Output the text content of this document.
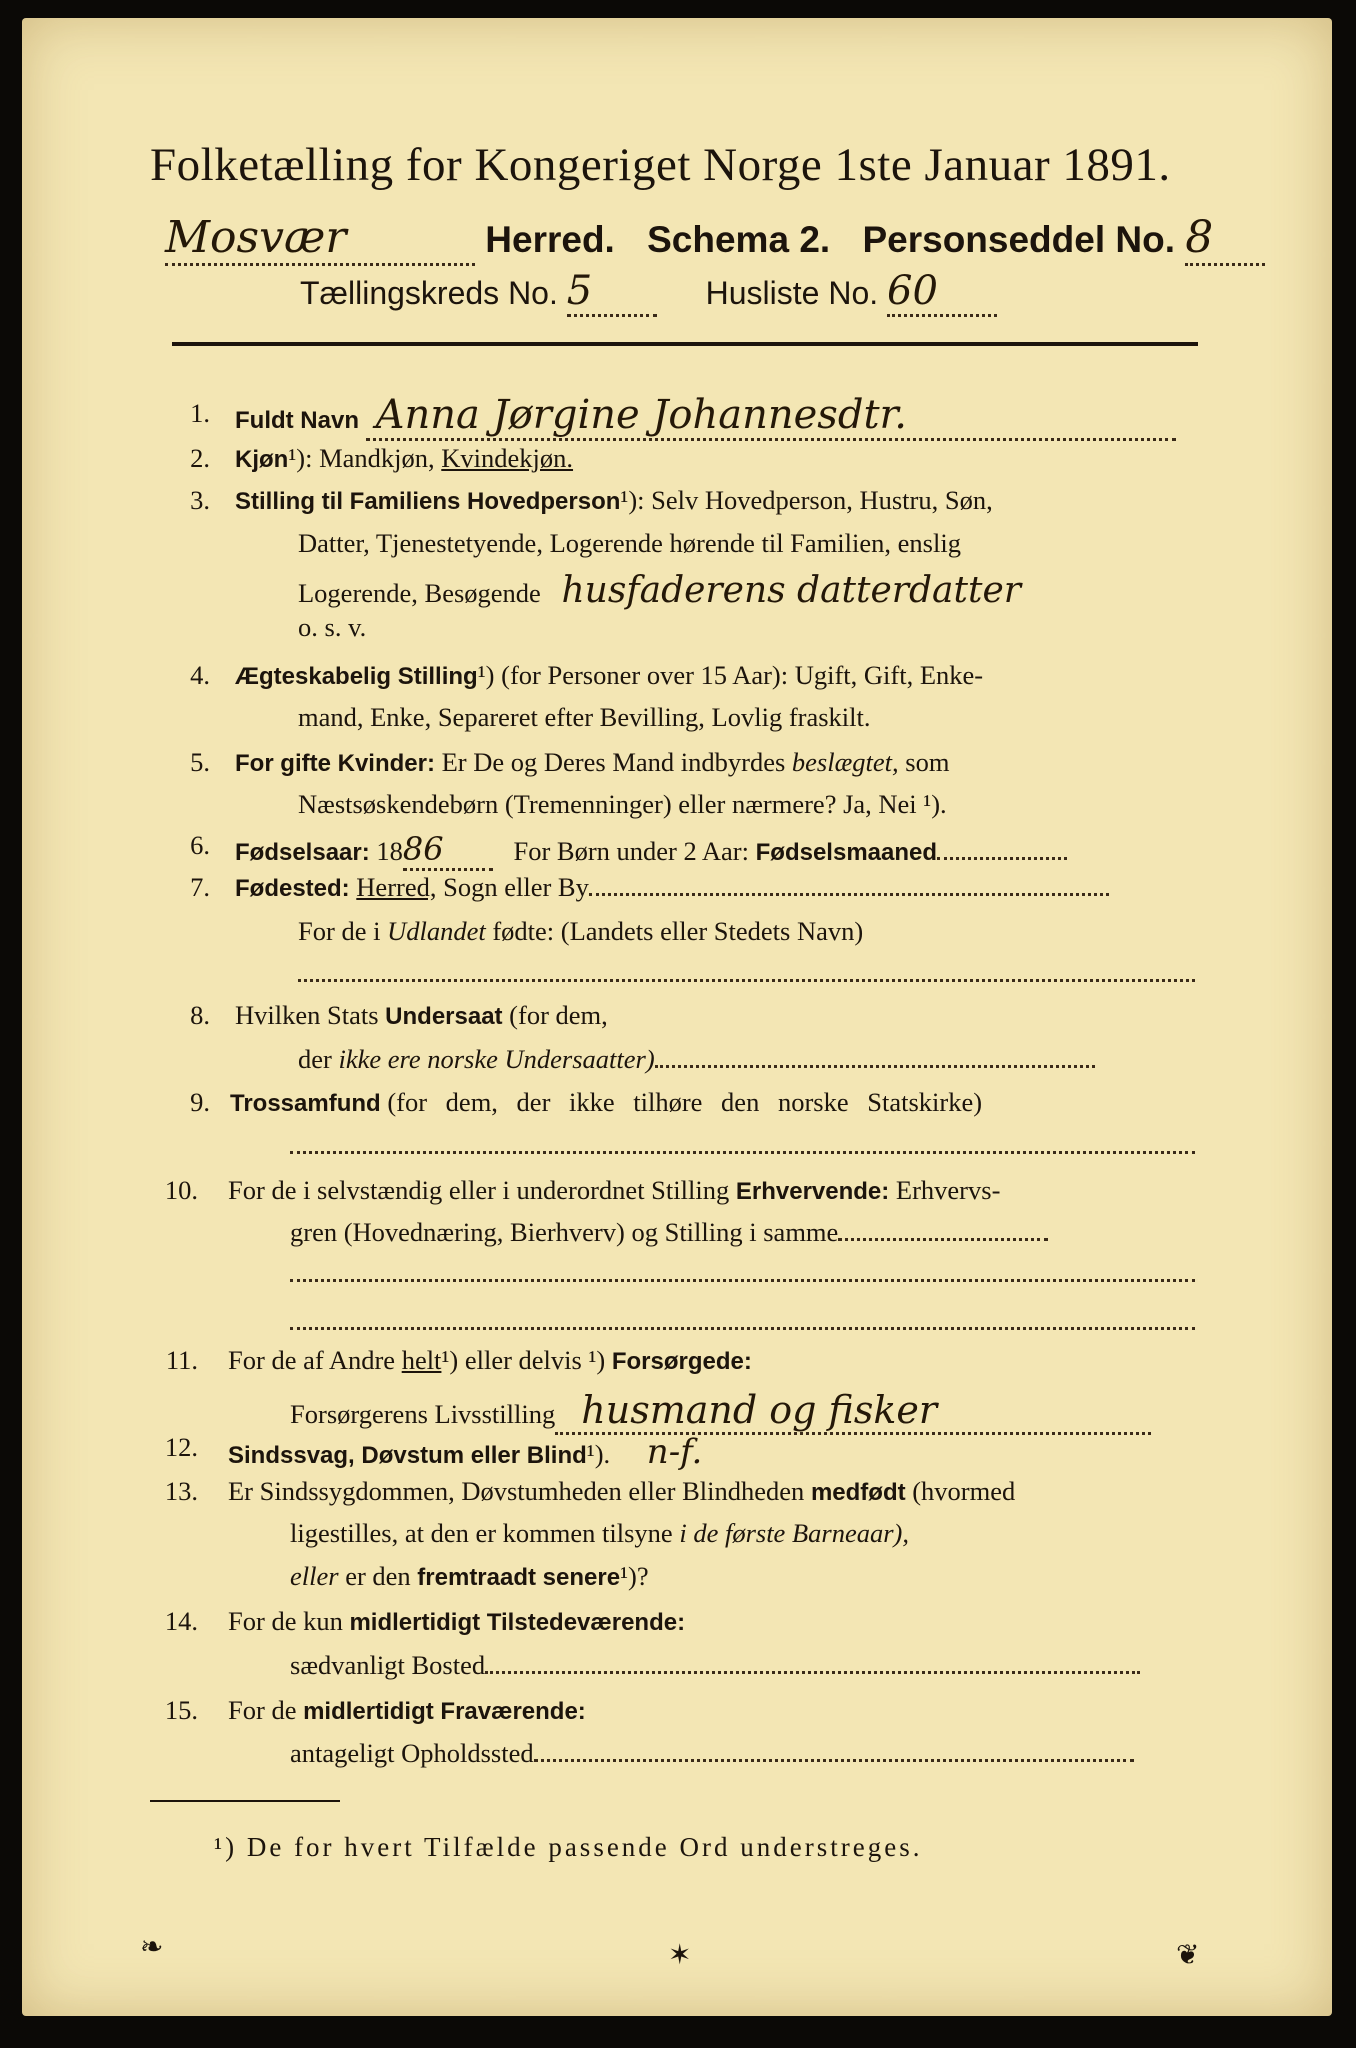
Folketælling for Kongeriget Norge 1ste Januar 1891.
Mosvær	Herred. Schema 2. Personseddel No. 8
Tællingskreds No. 5	Husliste No. 60
1. Fuldt Navn Anna Jørgine Johannesdtr.
2. Kjøn¹): Mandkjøn, Kvindekjøn.
3. Stilling til Familiens Hovedperson¹): Selv Hovedperson, Hustru, Søn,
Datter, Tjenestetyende, Logerende hørende til Familien, enslig
Logerende, Besøgende husfaderens datterdatter
o. s. v.
4. Ægteskabelig Stilling¹) (for Personer over 15 Aar): Ugift, Gift, Enke-
mand, Enke, Separeret efter Bevilling, Lovlig fraskilt.
5. For gifte Kvinder: Er De og Deres Mand indbyrdes beslægtet, som
Næstsøskendebørn (Tremenninger) eller nærmere? Ja, Nei ¹).
6. Fødselsaar: 1886	For Børn under 2 Aar: Fødselsmaaned
7. Fødested: Herred, Sogn eller By
For de i Udlandet fødte: (Landets eller Stedets Navn)
8. Hvilken Stats Undersaat (for dem,
der ikke ere norske Undersaatter)
9. Trossamfund (for dem, der ikke tilhøre den norske Statskirke)
10. For de i selvstændig eller i underordnet Stilling Erhvervende: Erhvervs-
gren (Hovednæring, Bierhverv) og Stilling i samme
11. For de af Andre helt¹) eller delvis ¹) Forsørgede:
Forsørgerens Livsstilling husmand og fisker
12. Sindssvag, Døvstum eller Blind¹). n-f.
13. Er Sindssygdommen, Døvstumheden eller Blindheden medfødt (hvormed
ligestilles, at den er kommen tilsyne i de første Barneaar),
eller er den fremtraadt senere¹)?
14. For de kun midlertidigt Tilstedeværende:
sædvanligt Bosted
15. For de midlertidigt Fraværende:
antageligt Opholdssted
¹) De for hvert Tilfælde passende Ord understreges.
❧	✶	❦
